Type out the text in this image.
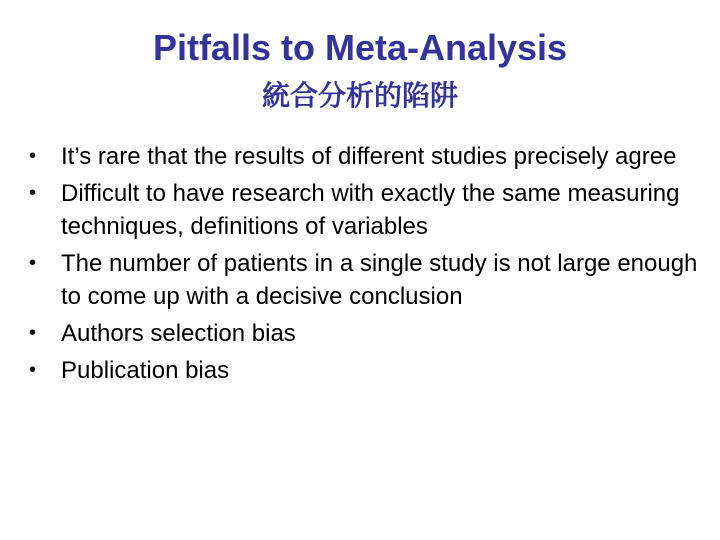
Pitfalls to Meta-Analysis
統合分析的陷阱
• It’s rare that the results of different studies precisely agree
• Difficult to have research with exactly the same measuring techniques, definitions of variables
• The number of patients in a single study is not large enough to come up with a decisive conclusion
• Authors selection bias
• Publication bias
